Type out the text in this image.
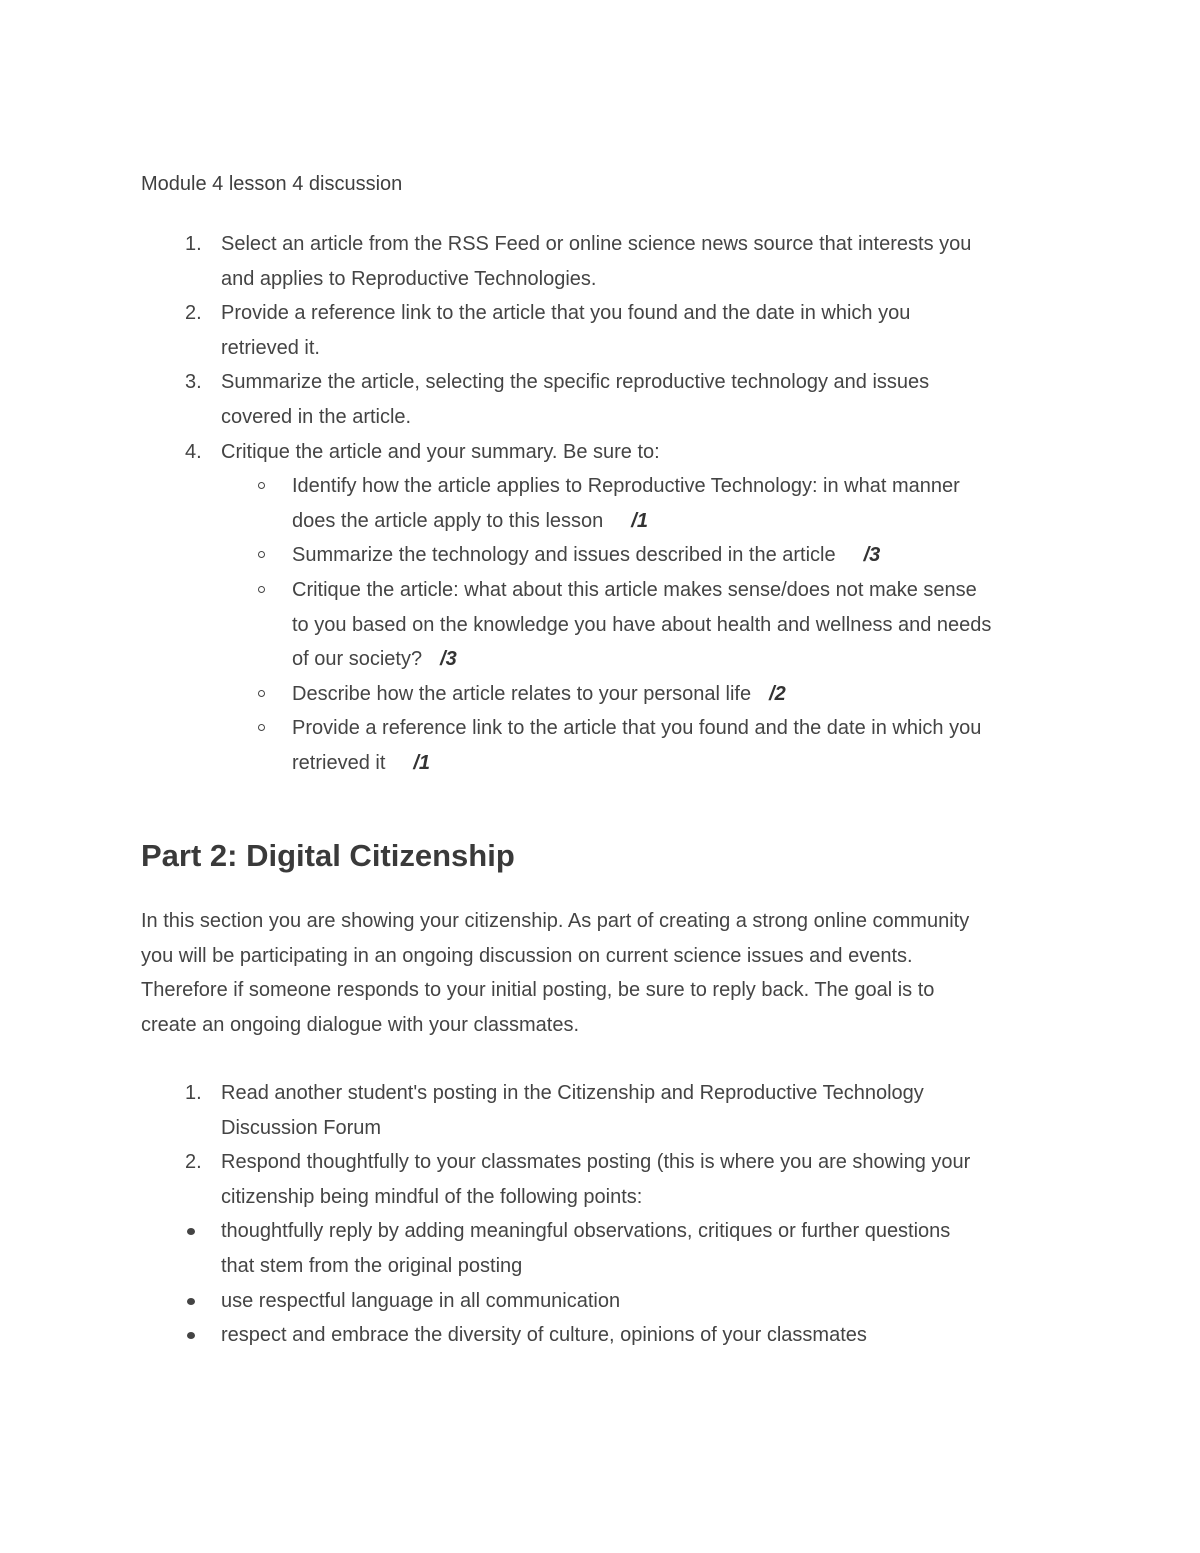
Module 4 lesson 4 discussion
1. Select an article from the RSS Feed or online science news source that interests you
and applies to Reproductive Technologies.
2. Provide a reference link to the article that you found and the date in which you
retrieved it.
3. Summarize the article, selecting the specific reproductive technology and issues
covered in the article.
4. Critique the article and your summary. Be sure to:
Identify how the article applies to Reproductive Technology: in what manner
does the article apply to this lesson /1
Summarize the technology and issues described in the article /3
Critique the article: what about this article makes sense/does not make sense
to you based on the knowledge you have about health and wellness and needs
of our society? /3
Describe how the article relates to your personal life /2
Provide a reference link to the article that you found and the date in which you
retrieved it /1
Part 2: Digital Citizenship
In this section you are showing your citizenship. As part of creating a strong online community
you will be participating in an ongoing discussion on current science issues and events.
Therefore if someone responds to your initial posting, be sure to reply back. The goal is to
create an ongoing dialogue with your classmates.
1. Read another student's posting in the Citizenship and Reproductive Technology
Discussion Forum
2. Respond thoughtfully to your classmates posting (this is where you are showing your
citizenship being mindful of the following points:
thoughtfully reply by adding meaningful observations, critiques or further questions
that stem from the original posting
use respectful language in all communication
respect and embrace the diversity of culture, opinions of your classmates
